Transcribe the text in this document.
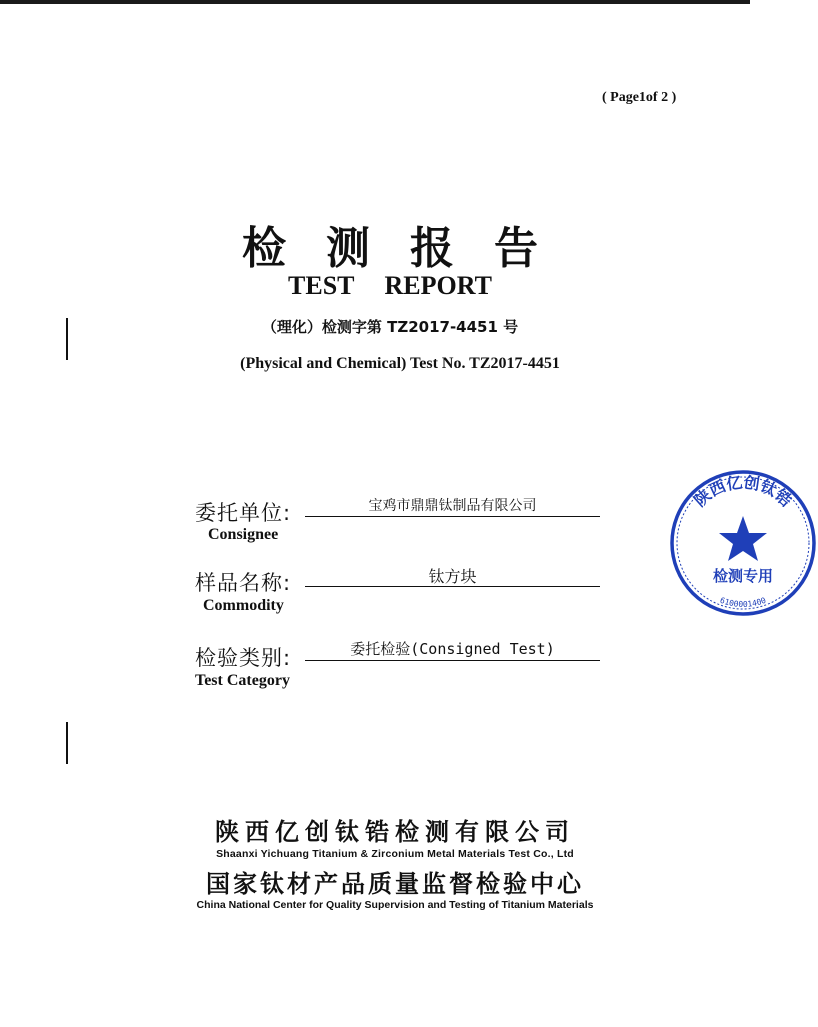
( Page1of 2 )
检测报告
TEST REPORT
（理化）检测字第 TZ2017-4451 号
(Physical and Chemical) Test No. TZ2017-4451
委托单位:
Consignee
宝鸡市鼎鼎钛制品有限公司
样品名称:
Commodity
钛方块
检验类别:
Test Category
委托检验(Consigned Test)
陕西亿创钛锆检测有限公司
Shaanxi Yichuang Titanium & Zirconium Metal Materials Test Co., Ltd
国家钛材产品质量监督检验中心
China National Center for Quality Supervision and Testing of Titanium Materials
陕西亿创钛锆
检测专用
6100001400
